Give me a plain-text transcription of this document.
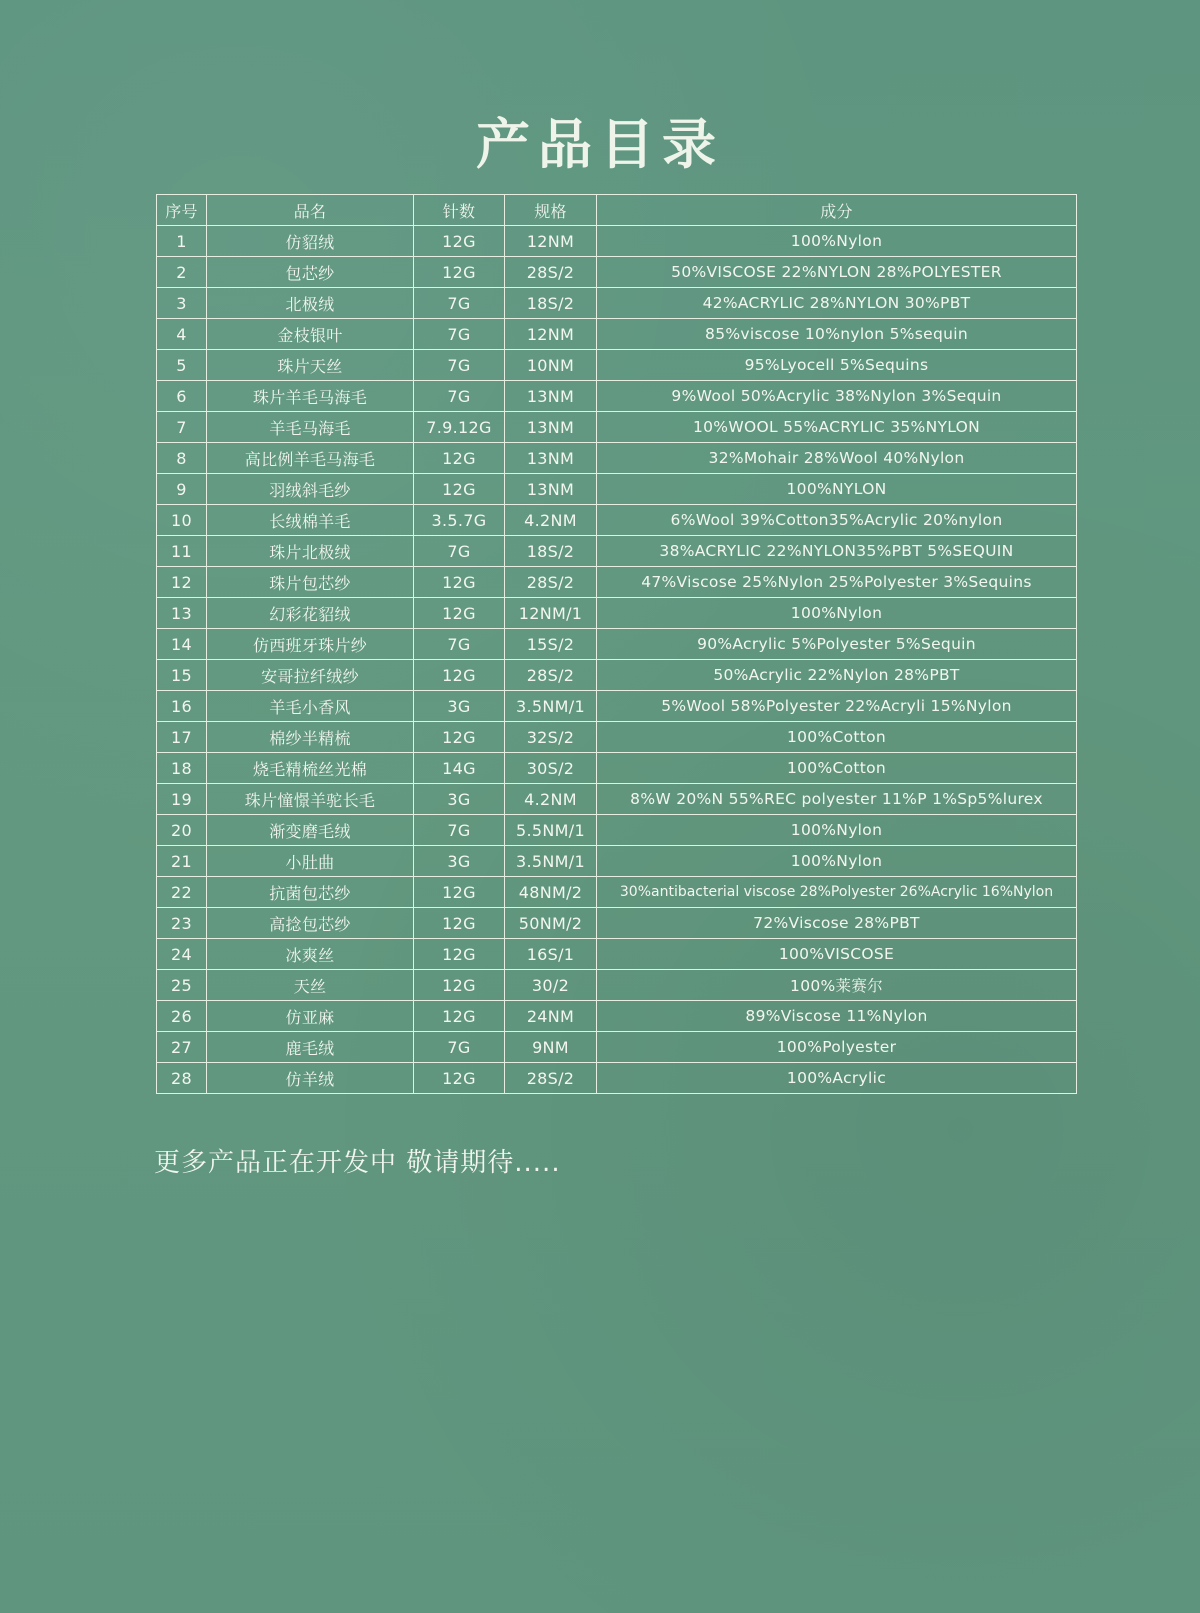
产品目录
序号	品名	针数	规格	成分
1	仿貂绒	12G	12NM	100%Nylon
2	包芯纱	12G	28S/2	50%VISCOSE 22%NYLON 28%POLYESTER
3	北极绒	7G	18S/2	42%ACRYLIC 28%NYLON 30%PBT
4	金枝银叶	7G	12NM	85%viscose 10%nylon 5%sequin
5	珠片天丝	7G	10NM	95%Lyocell 5%Sequins
6	珠片羊毛马海毛	7G	13NM	9%Wool 50%Acrylic 38%Nylon 3%Sequin
7	羊毛马海毛	7.9.12G	13NM	10%WOOL 55%ACRYLIC 35%NYLON
8	高比例羊毛马海毛	12G	13NM	32%Mohair 28%Wool 40%Nylon
9	羽绒斜毛纱	12G	13NM	100%NYLON
10	长绒棉羊毛	3.5.7G	4.2NM	6%Wool 39%Cotton35%Acrylic 20%nylon
11	珠片北极绒	7G	18S/2	38%ACRYLIC 22%NYLON35%PBT 5%SEQUIN
12	珠片包芯纱	12G	28S/2	47%Viscose 25%Nylon 25%Polyester 3%Sequins
13	幻彩花貂绒	12G	12NM/1	100%Nylon
14	仿西班牙珠片纱	7G	15S/2	90%Acrylic 5%Polyester 5%Sequin
15	安哥拉纤绒纱	12G	28S/2	50%Acrylic 22%Nylon 28%PBT
16	羊毛小香风	3G	3.5NM/1	5%Wool 58%Polyester 22%Acryli 15%Nylon
17	棉纱半精梳	12G	32S/2	100%Cotton
18	烧毛精梳丝光棉	14G	30S/2	100%Cotton
19	珠片憧憬羊驼长毛	3G	4.2NM	8%W 20%N 55%REC polyester 11%P 1%Sp5%lurex
20	渐变磨毛绒	7G	5.5NM/1	100%Nylon
21	小肚曲	3G	3.5NM/1	100%Nylon
22	抗菌包芯纱	12G	48NM/2	30%antibacterial viscose 28%Polyester 26%Acrylic 16%Nylon
23	高捻包芯纱	12G	50NM/2	72%Viscose 28%PBT
24	冰爽丝	12G	16S/1	100%VISCOSE
25	天丝	12G	30/2	100%莱赛尔
26	仿亚麻	12G	24NM	89%Viscose 11%Nylon
27	鹿毛绒	7G	9NM	100%Polyester
28	仿羊绒	12G	28S/2	100%Acrylic
更多产品正在开发中 敬请期待.....
